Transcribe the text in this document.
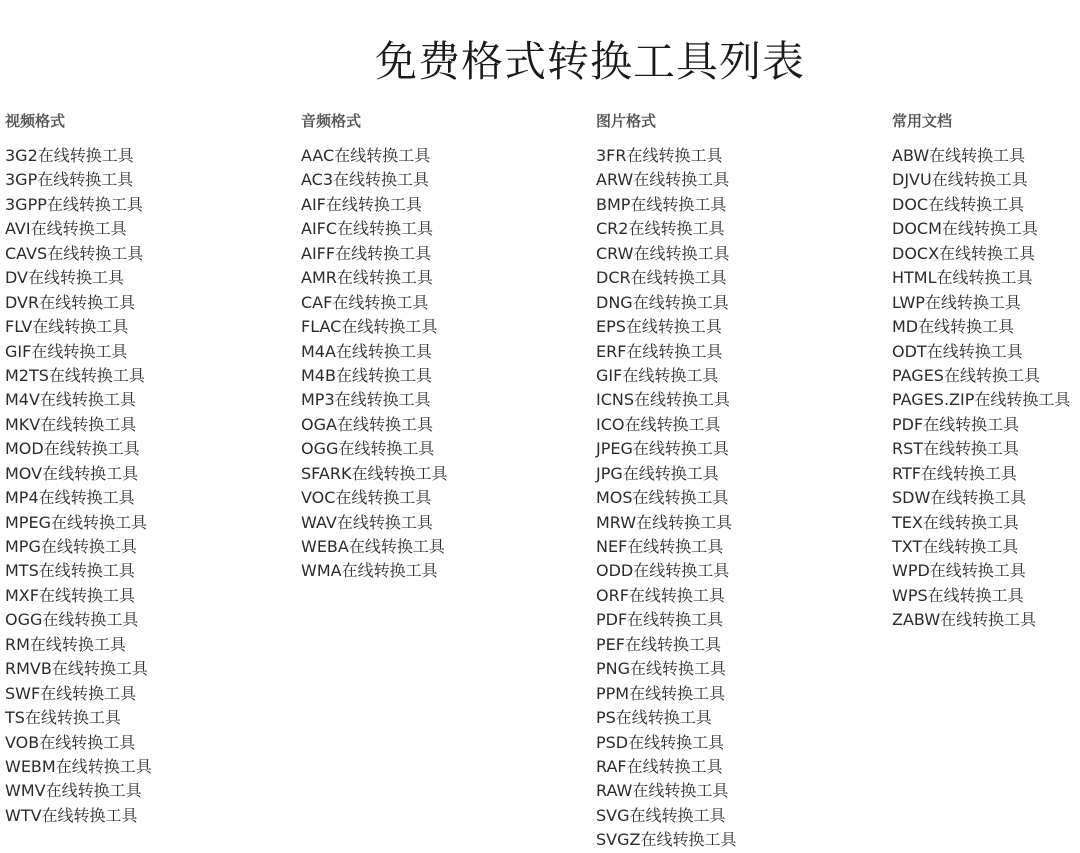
免费格式转换工具列表
视频格式
3G2在线转换工具
3GP在线转换工具
3GPP在线转换工具
AVI在线转换工具
CAVS在线转换工具
DV在线转换工具
DVR在线转换工具
FLV在线转换工具
GIF在线转换工具
M2TS在线转换工具
M4V在线转换工具
MKV在线转换工具
MOD在线转换工具
MOV在线转换工具
MP4在线转换工具
MPEG在线转换工具
MPG在线转换工具
MTS在线转换工具
MXF在线转换工具
OGG在线转换工具
RM在线转换工具
RMVB在线转换工具
SWF在线转换工具
TS在线转换工具
VOB在线转换工具
WEBM在线转换工具
WMV在线转换工具
WTV在线转换工具
音频格式
AAC在线转换工具
AC3在线转换工具
AIF在线转换工具
AIFC在线转换工具
AIFF在线转换工具
AMR在线转换工具
CAF在线转换工具
FLAC在线转换工具
M4A在线转换工具
M4B在线转换工具
MP3在线转换工具
OGA在线转换工具
OGG在线转换工具
SFARK在线转换工具
VOC在线转换工具
WAV在线转换工具
WEBA在线转换工具
WMA在线转换工具
图片格式
3FR在线转换工具
ARW在线转换工具
BMP在线转换工具
CR2在线转换工具
CRW在线转换工具
DCR在线转换工具
DNG在线转换工具
EPS在线转换工具
ERF在线转换工具
GIF在线转换工具
ICNS在线转换工具
ICO在线转换工具
JPEG在线转换工具
JPG在线转换工具
MOS在线转换工具
MRW在线转换工具
NEF在线转换工具
ODD在线转换工具
ORF在线转换工具
PDF在线转换工具
PEF在线转换工具
PNG在线转换工具
PPM在线转换工具
PS在线转换工具
PSD在线转换工具
RAF在线转换工具
RAW在线转换工具
SVG在线转换工具
SVGZ在线转换工具
常用文档
ABW在线转换工具
DJVU在线转换工具
DOC在线转换工具
DOCM在线转换工具
DOCX在线转换工具
HTML在线转换工具
LWP在线转换工具
MD在线转换工具
ODT在线转换工具
PAGES在线转换工具
PAGES.ZIP在线转换工具
PDF在线转换工具
RST在线转换工具
RTF在线转换工具
SDW在线转换工具
TEX在线转换工具
TXT在线转换工具
WPD在线转换工具
WPS在线转换工具
ZABW在线转换工具
